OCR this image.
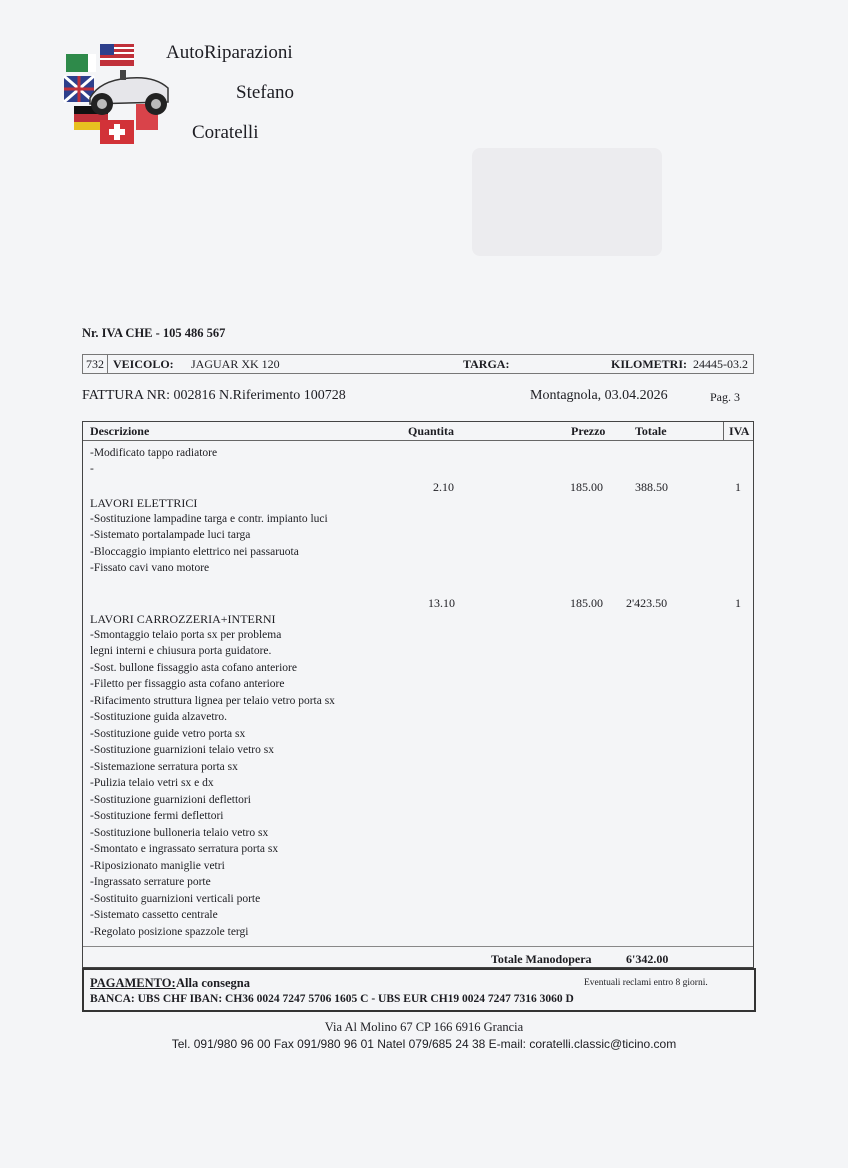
AutoRiparazioni
Stefano
Coratelli
Nr. IVA CHE - 105 486 567
732 VEICOLO: JAGUAR XK 120	TARGA:	KILOMETRI: 24445-03.2
FATTURA NR: 002816 N.Riferimento 100728	Montagnola, 03.04.2026	Pag. 3
Descrizione	Quantita	Prezzo Totale	IVA
-Modificato tappo radiatore
-
2.10	185.00	388.50	1
LAVORI ELETTRICI
-Sostituzione lampadine targa e contr. impianto luci
-Sistemato portalampade luci targa
-Bloccaggio impianto elettrico nei passaruota
-Fissato cavi vano motore
13.10	185.00 2'423.50	1
LAVORI CARROZZERIA+INTERNI
-Smontaggio telaio porta sx per problema
legni interni e chiusura porta guidatore.
-Sost. bullone fissaggio asta cofano anteriore
-Filetto per fissaggio asta cofano anteriore
-Rifacimento struttura lignea per telaio vetro porta sx
-Sostituzione guida alzavetro.
-Sostituzione guide vetro porta sx
-Sostituzione guarnizioni telaio vetro sx
-Sistemazione serratura porta sx
-Pulizia telaio vetri sx e dx
-Sostituzione guarnizioni deflettori
-Sostituzione fermi deflettori
-Sostituzione bulloneria telaio vetro sx
-Smontato e ingrassato serratura porta sx
-Riposizionato maniglie vetri
-Ingrassato serrature porte
-Sostituito guarnizioni verticali porte
-Sistemato cassetto centrale
-Regolato posizione spazzole tergi
Totale Manodopera	6'342.00
PAGAMENTO: Alla consegna	Eventuali reclami entro 8 giorni.
BANCA: UBS CHF IBAN: CH36 0024 7247 5706 1605 C - UBS EUR CH19 0024 7247 7316 3060 D
Via Al Molino 67 CP 166 6916 Grancia
Tel. 091/980 96 00 Fax 091/980 96 01 Natel 079/685 24 38 E-mail: coratelli.classic@ticino.com
